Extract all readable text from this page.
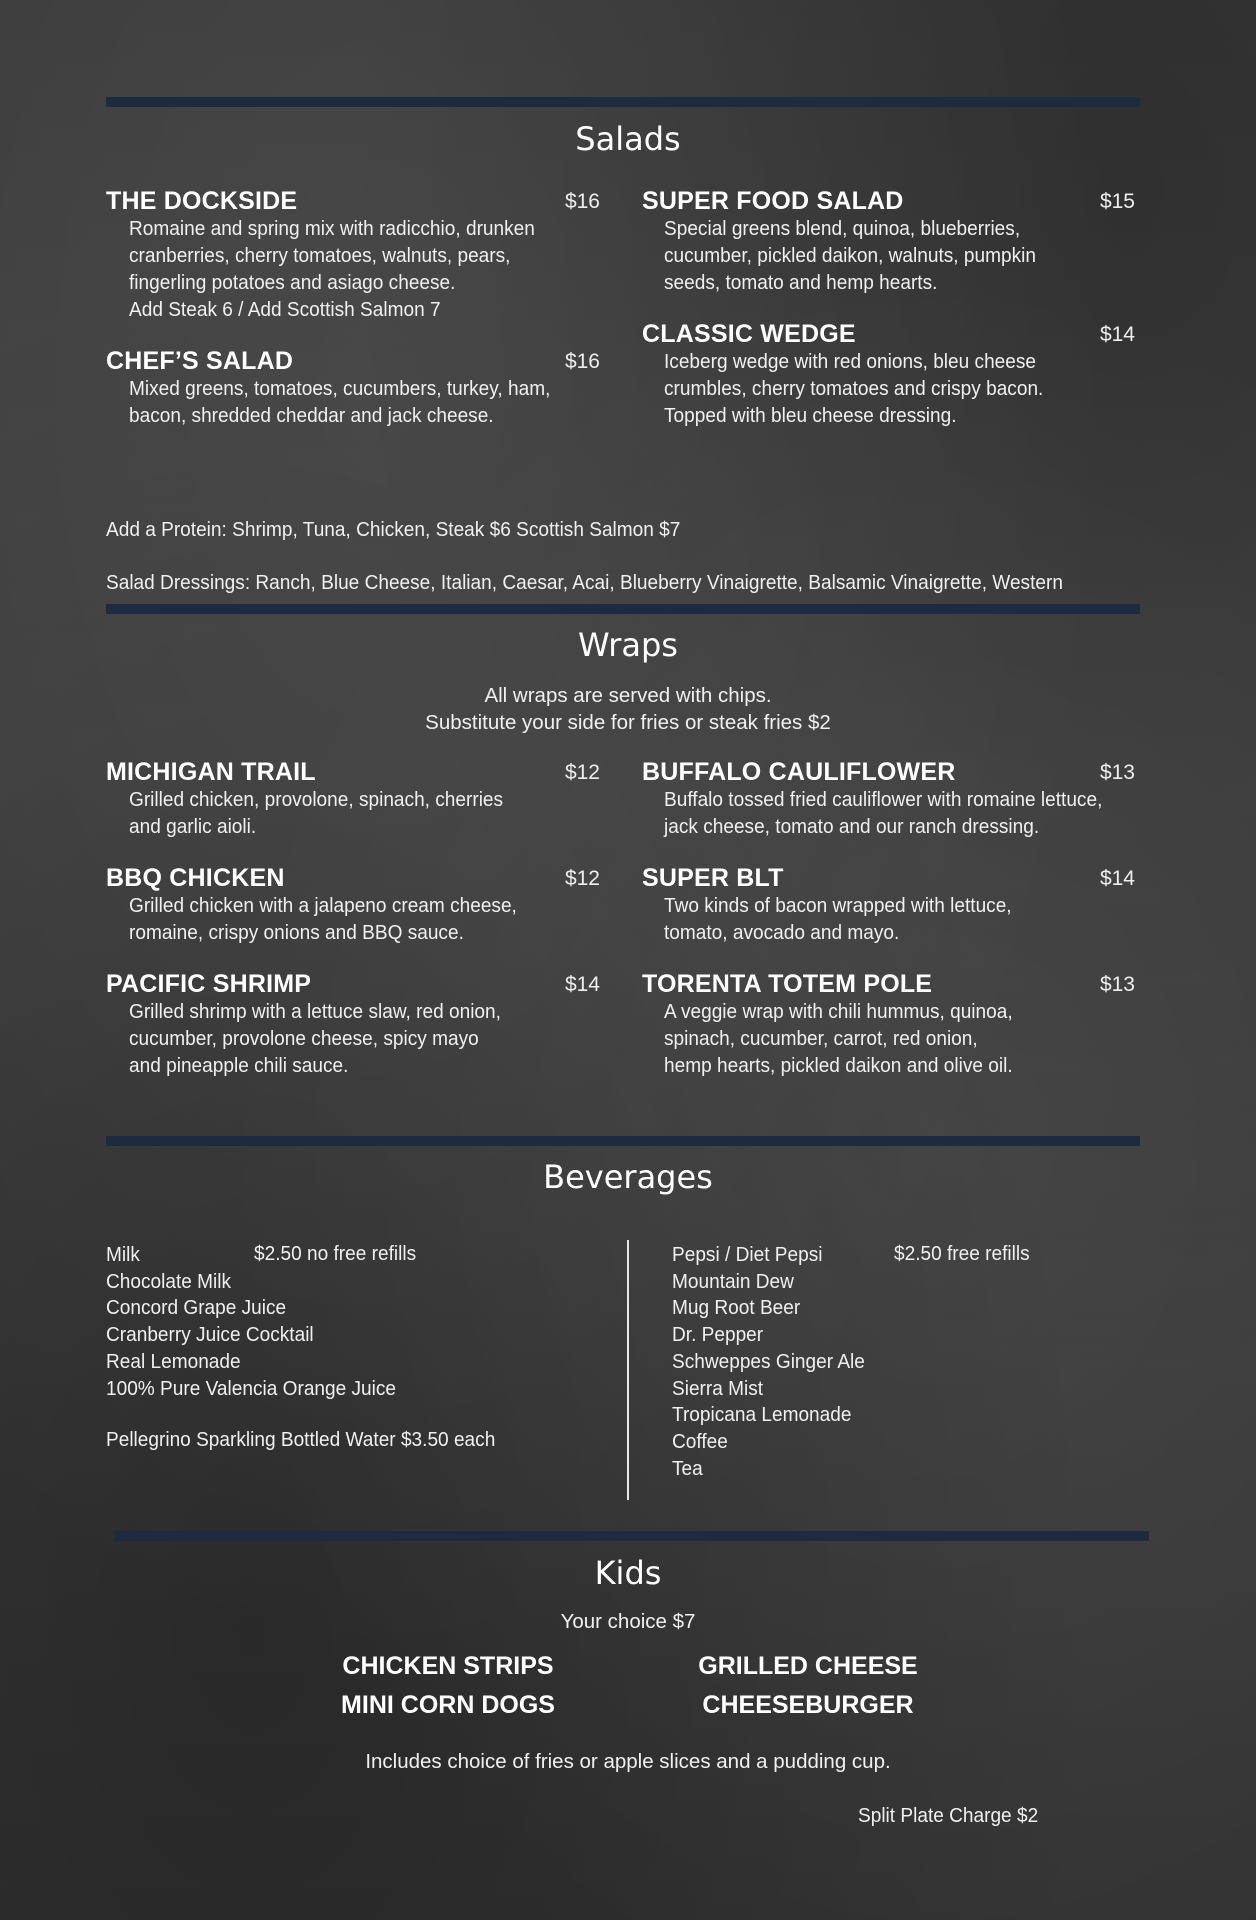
Salads
THE DOCKSIDE	$16
Romaine and spring mix with radicchio, drunken
cranberries, cherry tomatoes, walnuts, pears,
fingerling potatoes and asiago cheese.
Add Steak 6 / Add Scottish Salmon 7
CHEF’S SALAD	$16
Mixed greens, tomatoes, cucumbers, turkey, ham,
bacon, shredded cheddar and jack cheese.
SUPER FOOD SALAD	$15
Special greens blend, quinoa, blueberries,
cucumber, pickled daikon, walnuts, pumpkin
seeds, tomato and hemp hearts.
CLASSIC WEDGE	$14
Iceberg wedge with red onions, bleu cheese
crumbles, cherry tomatoes and crispy bacon.
Topped with bleu cheese dressing.
Add a Protein: Shrimp, Tuna, Chicken, Steak $6 Scottish Salmon $7
Salad Dressings: Ranch, Blue Cheese, Italian, Caesar, Acai, Blueberry Vinaigrette, Balsamic Vinaigrette, Western
Wraps
All wraps are served with chips.
Substitute your side for fries or steak fries $2
MICHIGAN TRAIL	$12
Grilled chicken, provolone, spinach, cherries
and garlic aioli.
BBQ CHICKEN	$12
Grilled chicken with a jalapeno cream cheese,
romaine, crispy onions and BBQ sauce.
PACIFIC SHRIMP	$14
Grilled shrimp with a lettuce slaw, red onion,
cucumber, provolone cheese, spicy mayo
and pineapple chili sauce.
BUFFALO CAULIFLOWER	$13
Buffalo tossed fried cauliflower with romaine lettuce,
jack cheese, tomato and our ranch dressing.
SUPER BLT	$14
Two kinds of bacon wrapped with lettuce,
tomato, avocado and mayo.
TORENTA TOTEM POLE	$13
A veggie wrap with chili hummus, quinoa,
spinach, cucumber, carrot, red onion,
hemp hearts, pickled daikon and olive oil.
Beverages
Milk
Chocolate Milk
Concord Grape Juice
Cranberry Juice Cocktail
Real Lemonade
100% Pure Valencia Orange Juice
$2.50 no free refills
Pellegrino Sparkling Bottled Water $3.50 each
Pepsi / Diet Pepsi
Mountain Dew
Mug Root Beer
Dr. Pepper
Schweppes Ginger Ale
Sierra Mist
Tropicana Lemonade
Coffee
Tea
$2.50 free refills
Kids
Your choice $7
CHICKEN STRIPS	GRILLED CHEESE
MINI CORN DOGS	CHEESEBURGER
Includes choice of fries or apple slices and a pudding cup.
Split Plate Charge $2
